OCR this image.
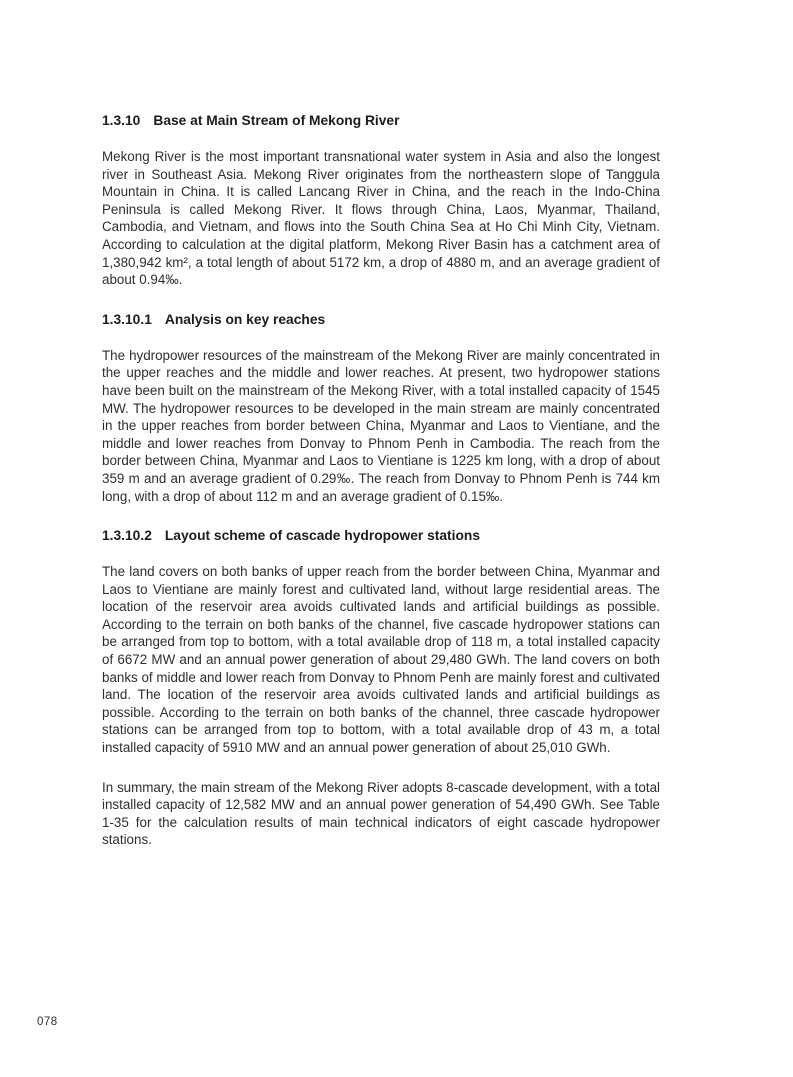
1.3.10 Base at Main Stream of Mekong River

Mekong River is the most important transnational water system in Asia and also the longest river in Southeast Asia. Mekong River originates from the northeastern slope of Tanggula Mountain in China. It is called Lancang River in China, and the reach in the Indo-China Peninsula is called Mekong River. It flows through China, Laos, Myanmar, Thailand, Cambodia, and Vietnam, and flows into the South China Sea at Ho Chi Minh City, Vietnam. According to calculation at the digital platform, Mekong River Basin has a catchment area of 1,380,942 km², a total length of about 5172 km, a drop of 4880 m, and an average gradient of about 0.94‰.

1.3.10.1 Analysis on key reaches

The hydropower resources of the mainstream of the Mekong River are mainly concentrated in the upper reaches and the middle and lower reaches. At present, two hydropower stations have been built on the mainstream of the Mekong River, with a total installed capacity of 1545 MW. The hydropower resources to be developed in the main stream are mainly concentrated in the upper reaches from border between China, Myanmar and Laos to Vientiane, and the middle and lower reaches from Donvay to Phnom Penh in Cambodia. The reach from the border between China, Myanmar and Laos to Vientiane is 1225 km long, with a drop of about 359 m and an average gradient of 0.29‰. The reach from Donvay to Phnom Penh is 744 km long, with a drop of about 112 m and an average gradient of 0.15‰.

1.3.10.2 Layout scheme of cascade hydropower stations

The land covers on both banks of upper reach from the border between China, Myanmar and Laos to Vientiane are mainly forest and cultivated land, without large residential areas. The location of the reservoir area avoids cultivated lands and artificial buildings as possible. According to the terrain on both banks of the channel, five cascade hydropower stations can be arranged from top to bottom, with a total available drop of 118 m, a total installed capacity of 6672 MW and an annual power generation of about 29,480 GWh. The land covers on both banks of middle and lower reach from Donvay to Phnom Penh are mainly forest and cultivated land. The location of the reservoir area avoids cultivated lands and artificial buildings as possible. According to the terrain on both banks of the channel, three cascade hydropower stations can be arranged from top to bottom, with a total available drop of 43 m, a total installed capacity of 5910 MW and an annual power generation of about 25,010 GWh.

In summary, the main stream of the Mekong River adopts 8-cascade development, with a total installed capacity of 12,582 MW and an annual power generation of 54,490 GWh. See Table 1-35 for the calculation results of main technical indicators of eight cascade hydropower stations.

078
